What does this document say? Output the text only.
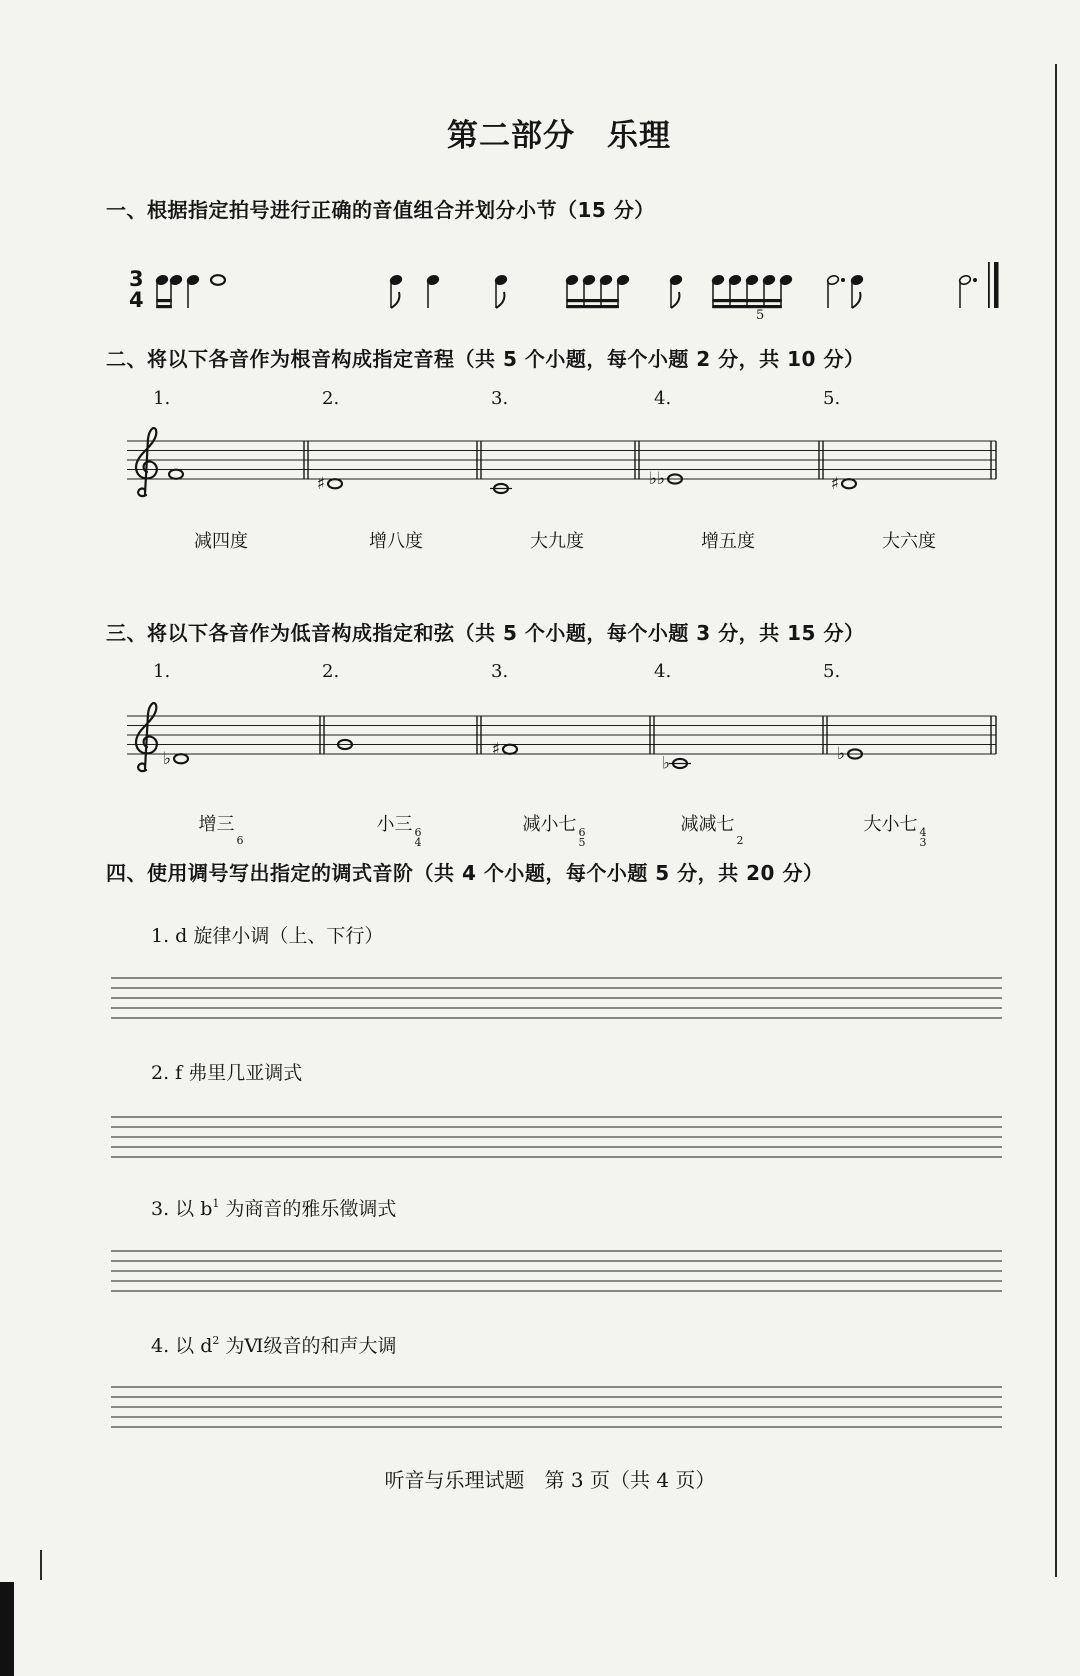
第二部分　乐理
一、根据指定拍号进行正确的音值组合并划分小节（15 分）
3
4
5
二、将以下各音作为根音构成指定音程（共 5 个小题，每个小题 2 分，共 10 分）
1.	2.	3.	4.	5.
♯	♭♭	♯
减四度	增八度	大九度	增五度	大六度
三、将以下各音作为低音构成指定和弦（共 5 个小题，每个小题 3 分，共 15 分）
1.	2.	3.	4.	5.
♭	♯
♭	♭
增三
6
小三 6
4
减小七 6
5
减减七
2
大小七 4
3
四、使用调号写出指定的调式音阶（共 4 个小题，每个小题 5 分，共 20 分）
1. d 旋律小调（上、下行）
2. f 弗里几亚调式
3. 以 $b^1$ 为商音的雅乐徵调式
4. 以 $d^2$ 为Ⅵ级音的和声大调
听音与乐理试题　第 3 页（共 4 页）
